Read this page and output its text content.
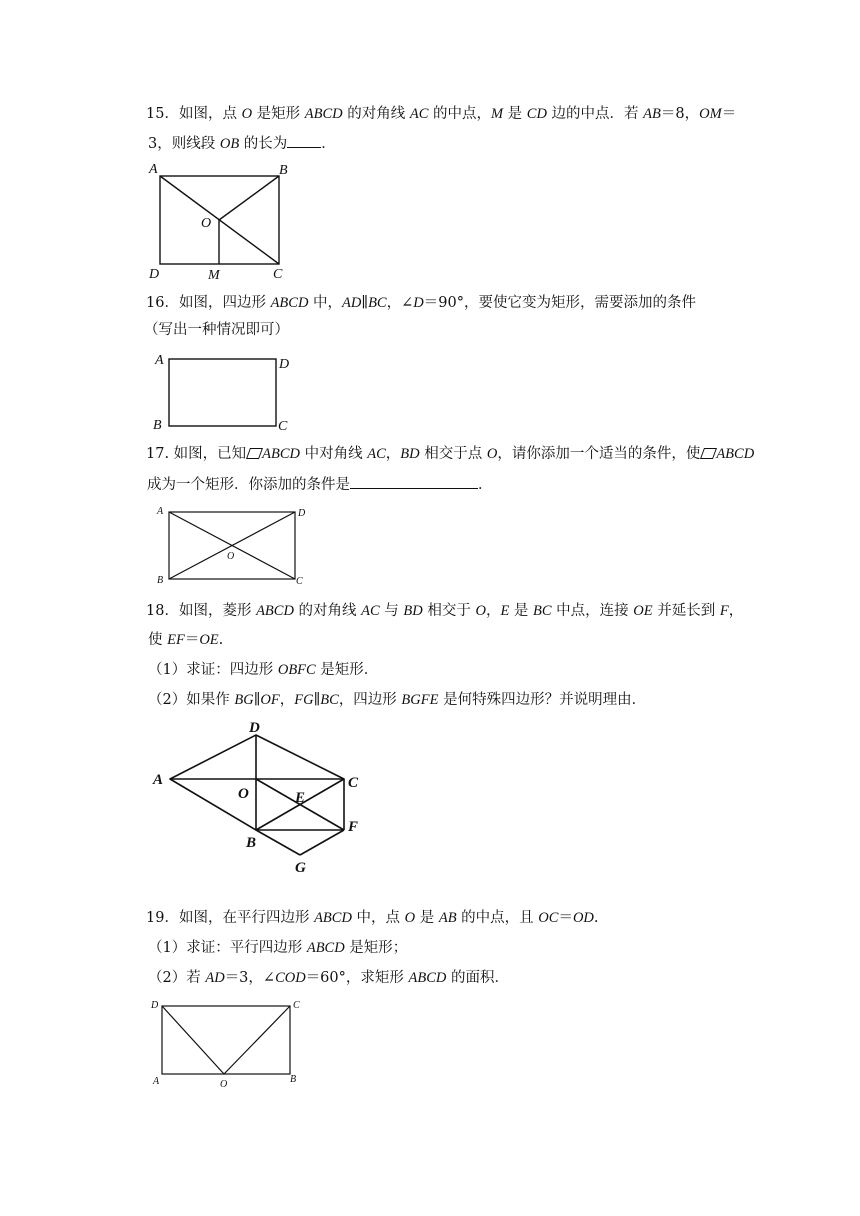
15．如图，点 O 是矩形 ABCD 的对角线 AC 的中点，M 是 CD 边的中点．若 AB＝8，OM＝
3，则线段 OB 的长为 ．
A	B
C
D
O
M
16．如图，四边形 ABCD 中，AD∥BC，∠D＝90°，要使它变为矩形，需要添加的条件
（写出一种情况即可）
A	D
B	C
17. 如图，已知 ABCD 中对角线 AC，BD 相交于点 O，请你添加一个适当的条件，使 ABCD
成为一个矩形．你添加的条件是	．
A	D
B	C
O
18．如图，菱形 ABCD 的对角线 AC 与 BD 相交于 O，E 是 BC 中点，连接 OE 并延长到 F，
使 EF＝OE.
（1）求证：四边形 OBFC 是矩形．
（2）如果作 BG∥OF，FG∥BC，四边形 BGFE 是何特殊四边形？并说明理由．
A
D
C
O	E
F
B
G
19．如图，在平行四边形 ABCD 中，点 O 是 AB 的中点，且 OC＝OD.
（1）求证：平行四边形 ABCD 是矩形；
（2）若 AD＝3，∠COD＝60°，求矩形 ABCD 的面积．
D	C
A	O	B
